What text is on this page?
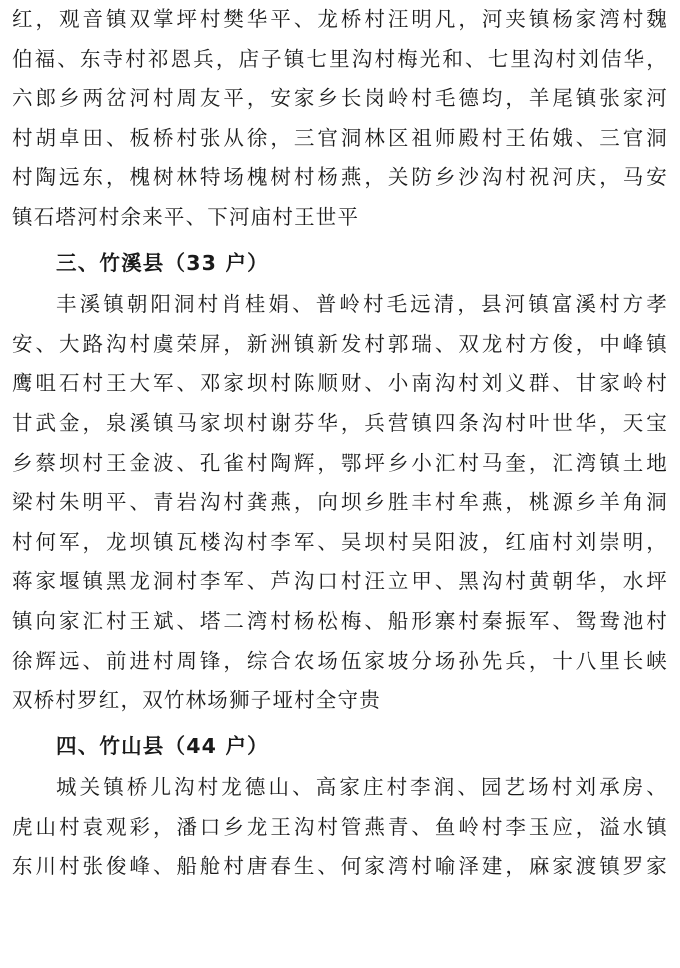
红，观音镇双掌坪村樊华平、龙桥村汪明凡，河夹镇杨家湾村魏
伯福、东寺村祁恩兵，店子镇七里沟村梅光和、七里沟村刘佶华，
六郎乡两岔河村周友平，安家乡长岗岭村毛德均，羊尾镇张家河
村胡卓田、板桥村张从徐，三官洞林区祖师殿村王佑娥、三官洞
村陶远东，槐树林特场槐树村杨燕，关防乡沙沟村祝河庆，马安
镇石塔河村余来平、下河庙村王世平
三、竹溪县（33 户）
丰溪镇朝阳洞村肖桂娟、普岭村毛远清，县河镇富溪村方孝
安、大路沟村虞荣屏，新洲镇新发村郭瑞、双龙村方俊，中峰镇
鹰咀石村王大军、邓家坝村陈顺财、小南沟村刘义群、甘家岭村
甘武金，泉溪镇马家坝村谢芬华，兵营镇四条沟村叶世华，天宝
乡蔡坝村王金波、孔雀村陶辉，鄂坪乡小汇村马奎，汇湾镇土地
梁村朱明平、青岩沟村龚燕，向坝乡胜丰村牟燕，桃源乡羊角洞
村何军，龙坝镇瓦楼沟村李军、吴坝村吴阳波，红庙村刘崇明，
蒋家堰镇黑龙洞村李军、芦沟口村汪立甲、黑沟村黄朝华，水坪
镇向家汇村王斌、塔二湾村杨松梅、船形寨村秦振军、鸳鸯池村
徐辉远、前进村周锋，综合农场伍家坡分场孙先兵，十八里长峡
双桥村罗红，双竹林场狮子垭村全守贵
四、竹山县（44 户）
城关镇桥儿沟村龙德山、高家庄村李润、园艺场村刘承房、
虎山村袁观彩，潘口乡龙王沟村管燕青、鱼岭村李玉应，溢水镇
东川村张俊峰、船舱村唐春生、何家湾村喻泽建，麻家渡镇罗家
